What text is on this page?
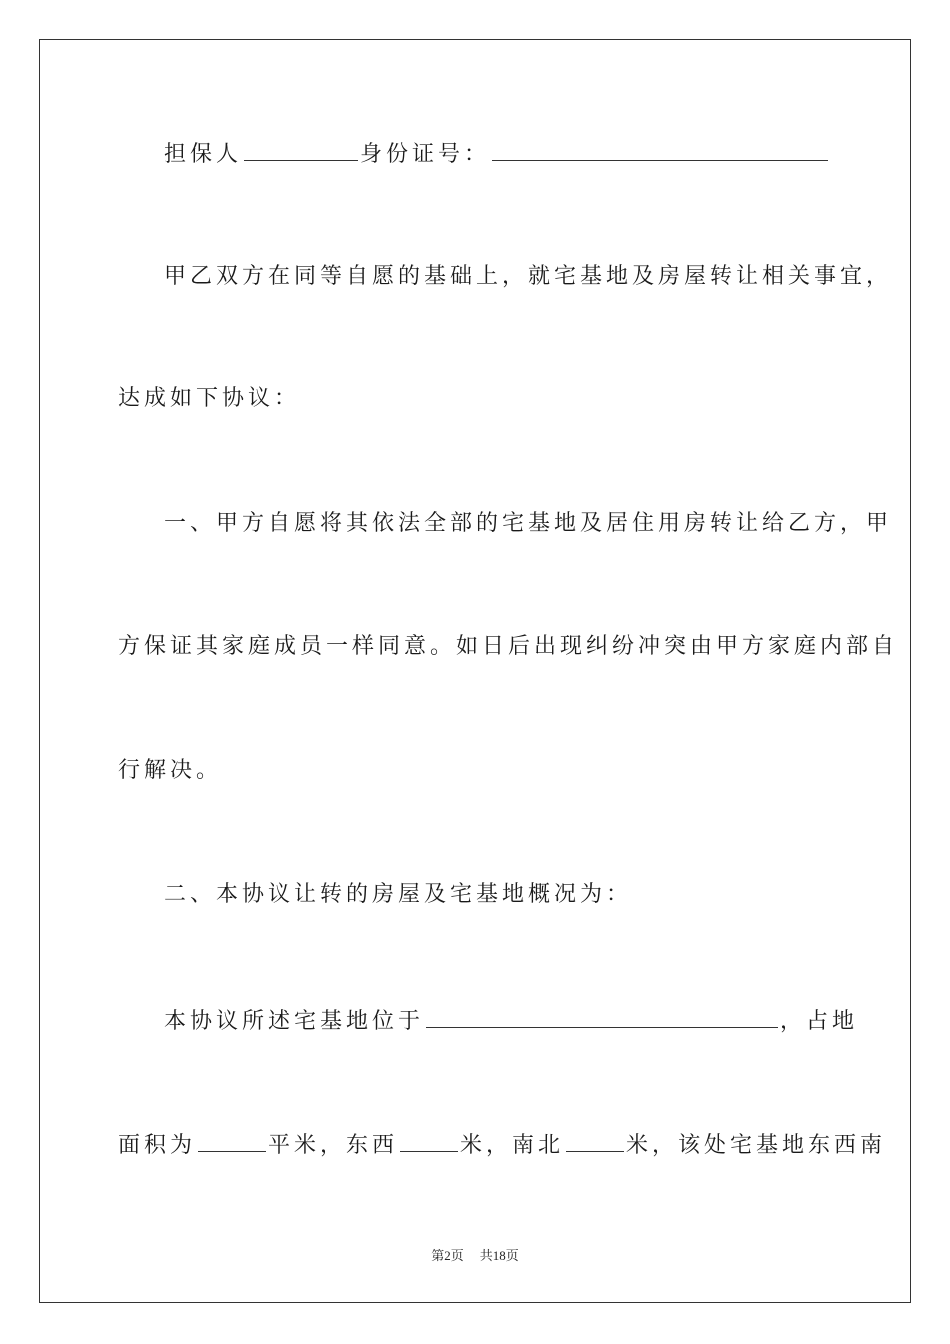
担保人	身份证号：
甲乙双方在同等自愿的基础上，就宅基地及房屋转让相关事宜，
达成如下协议：
一、甲方自愿将其依法全部的宅基地及居住用房转让给乙方，甲
方保证其家庭成员一样同意。如日后出现纠纷冲突由甲方家庭内部自
行解决。
二、本协议让转的房屋及宅基地概况为：
本协议所述宅基地位于	，占地
面积为	平米，东西	米，南北	米，该处宅基地东西南
第2页 共18页
